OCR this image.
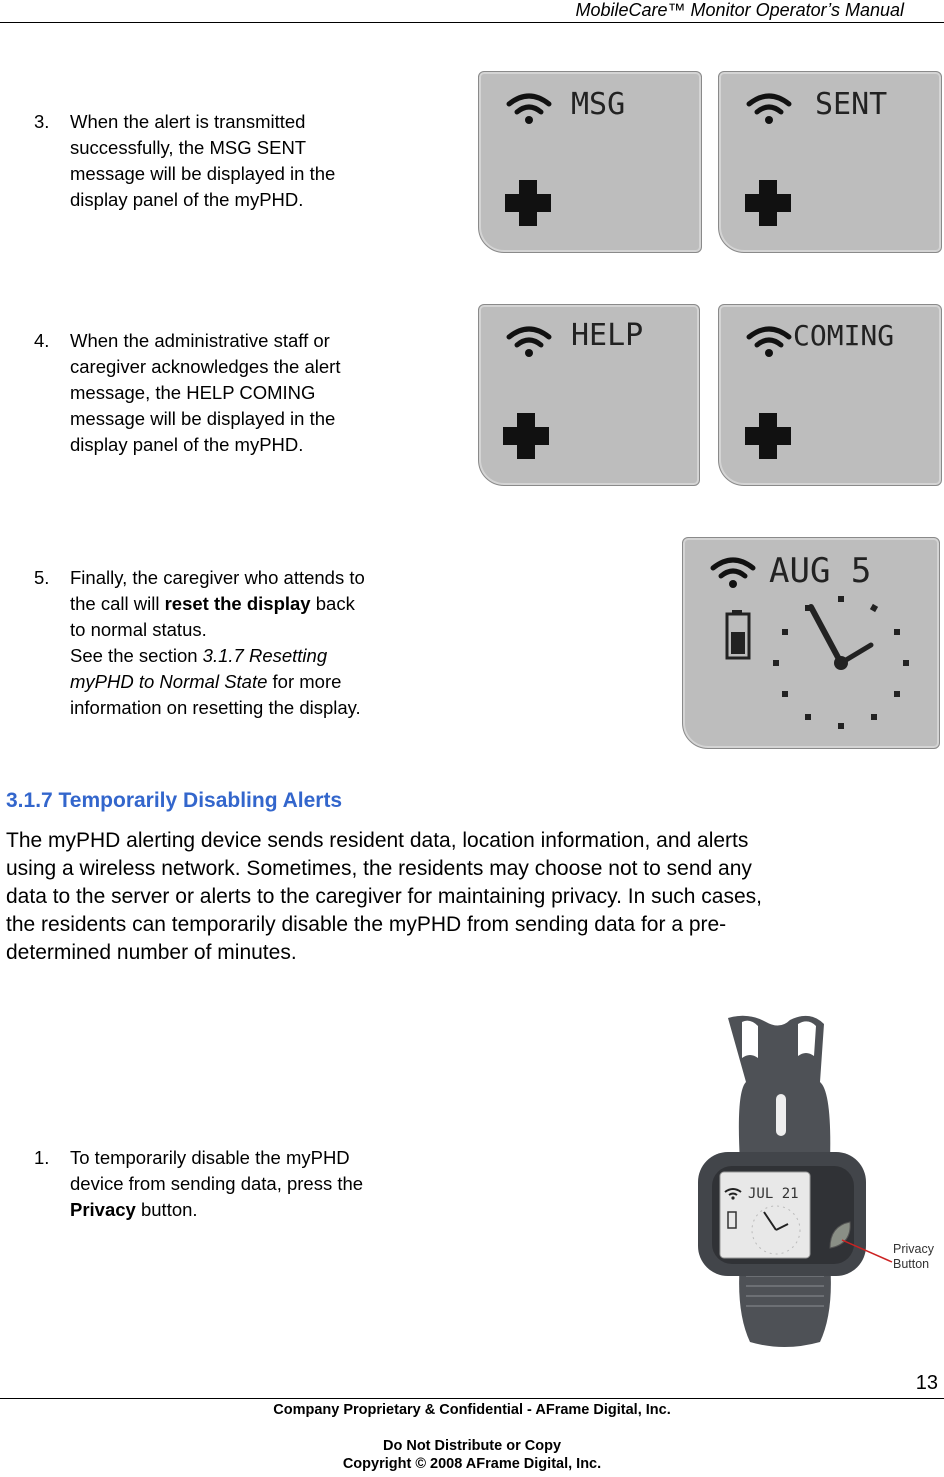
MobileCare™ Monitor Operator’s Manual
3. When the alert is transmitted
successfully, the MSG SENT
message will be displayed in the
display panel of the myPHD.
MSG	SENT
4. When the administrative staff or
caregiver acknowledges the alert
message, the HELP COMING
message will be displayed in the
display panel of the myPHD.
HELP	COMING
5. Finally, the caregiver who attends to
the call will reset the display back
to normal status.
See the section 3.1.7 Resetting
myPHD to Normal State for more
information on resetting the display.
AUG 5
3.1.7 Temporarily Disabling Alerts
The myPHD alerting device sends resident data, location information, and alerts
using a wireless network. Sometimes, the residents may choose not to send any
data to the server or alerts to the caregiver for maintaining privacy. In such cases,
the residents can temporarily disable the myPHD from sending data for a pre-
determined number of minutes.
1. To temporarily disable the myPHD
device from sending data, press the
Privacy button.
JUL 21
Privacy
Button
13
Company Proprietary & Confidential - AFrame Digital, Inc.
Do Not Distribute or Copy
Copyright © 2008 AFrame Digital, Inc.
